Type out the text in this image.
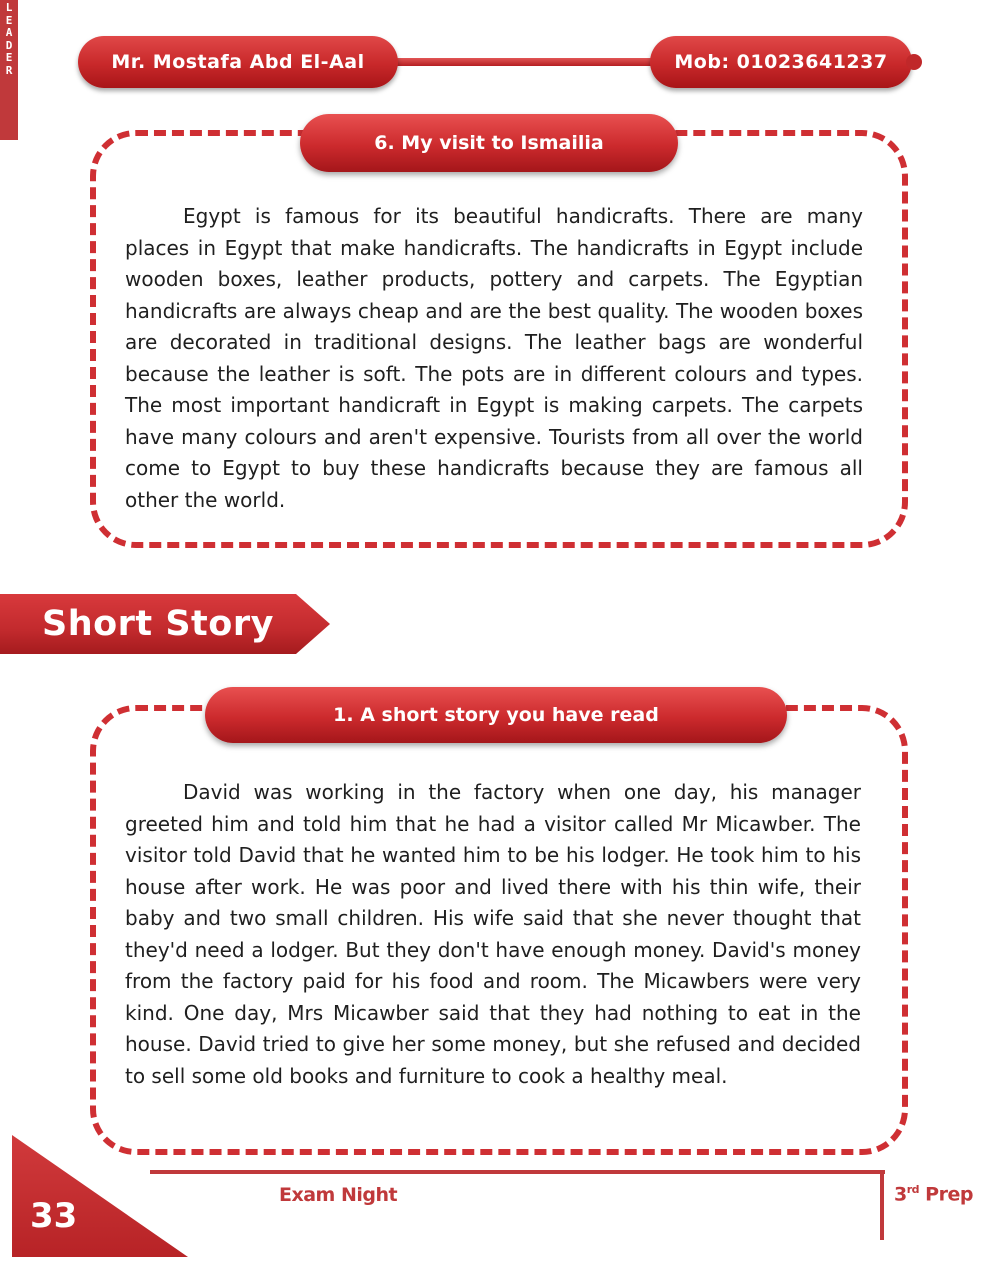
L
E
A
D
E
R	Mr. Mostafa Abd El-Aal	Mob: 01023641237
6. My visit to Ismailia

Egypt is famous for its beautiful handicrafts. There are many places in Egypt that make handicrafts. The handicrafts in Egypt include wooden boxes, leather products, pottery and carpets. The Egyptian handicrafts are always cheap and are the best quality. The wooden boxes are decorated in traditional designs. The leather bags are wonderful because the leather is soft. The pots are in different colours and types. The most important handicraft in Egypt is making carpets. The carpets have many colours and aren't expensive. Tourists from all over the world come to Egypt to buy these handicrafts because they are famous all other the world.

Short Story
1. A short story you have read

David was working in the factory when one day, his manager greeted him and told him that he had a visitor called Mr Micawber. The visitor told David that he wanted him to be his lodger. He took him to his house after work. He was poor and lived there with his thin wife, their baby and two small children. His wife said that she never thought that they'd need a lodger. But they don't have enough money. David's money from the factory paid for his food and room. The Micawbers were very kind. One day, Mrs Micawber said that they had nothing to eat in the house. David tried to give her some money, but she refused and decided to sell some old books and furniture to cook a healthy meal.

33
Exam Night	3rd Prep
